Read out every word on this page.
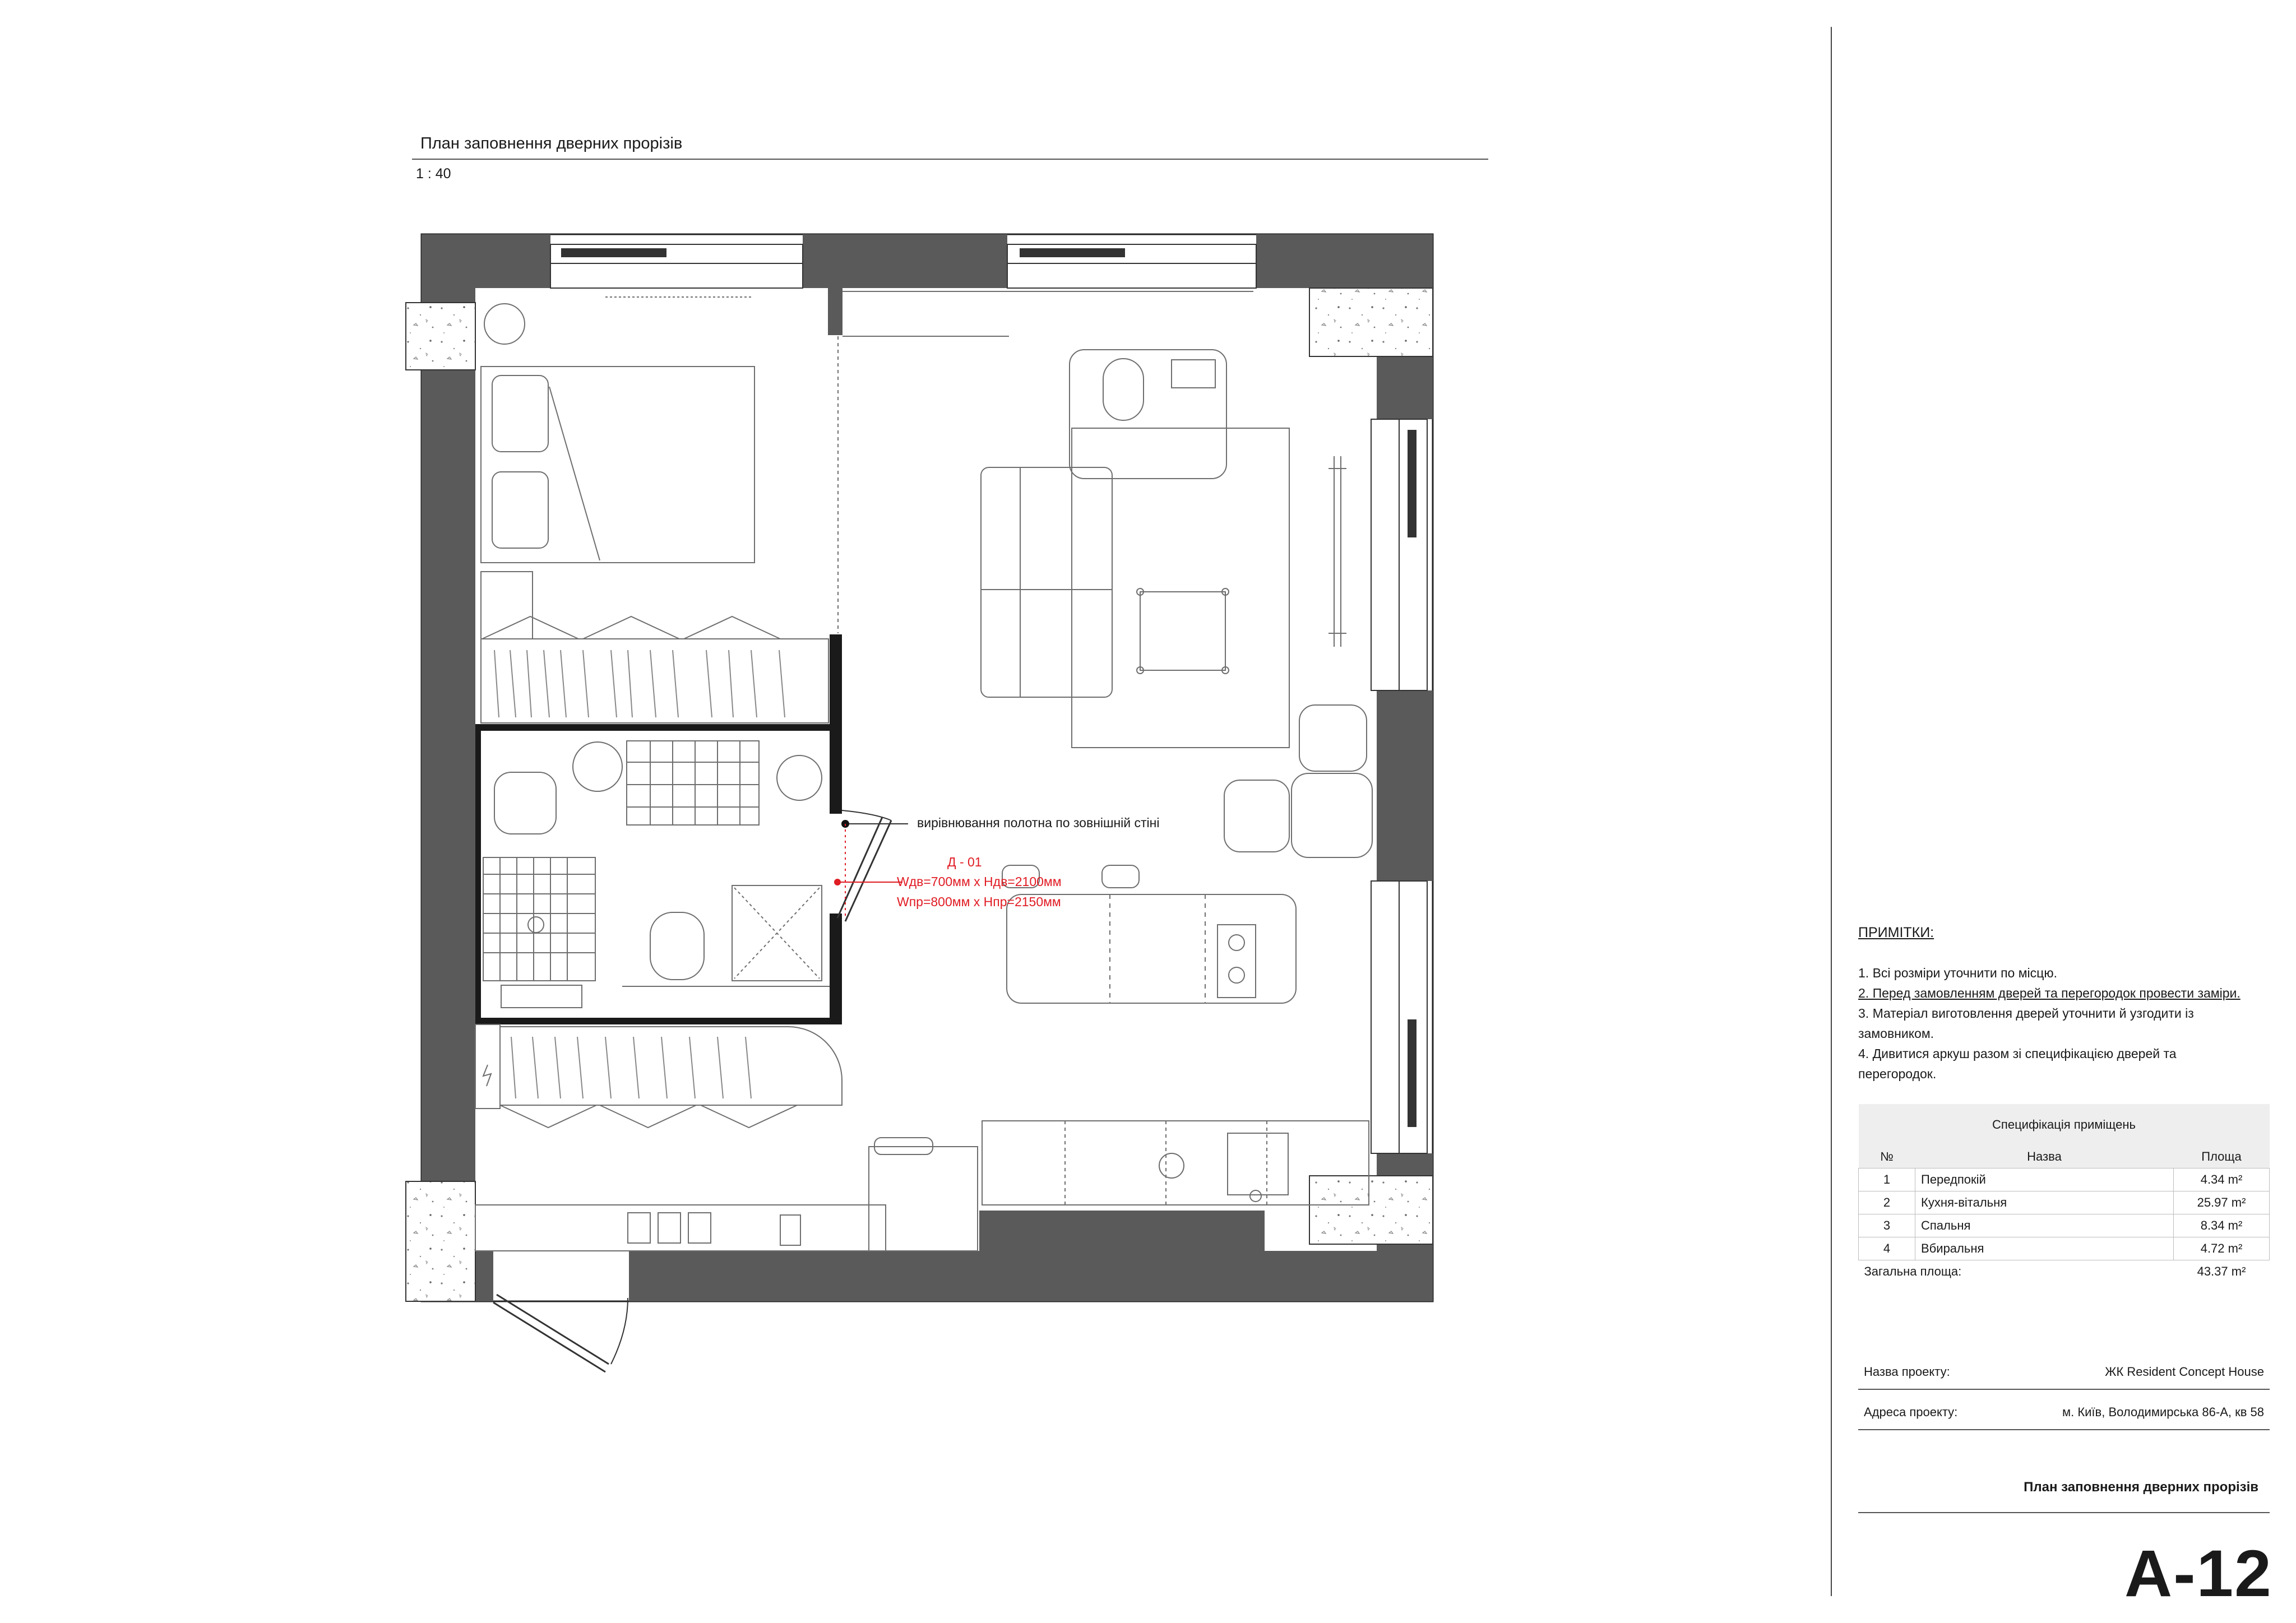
План заповнення дверних прорізів
1 : 40
вирівнювання полотна по зовнішній стіні
Д - 01
Wдв=700мм х Hдв=2100мм
Wпр=800мм х Hпр=2150мм
ПРИМІТКИ:
1. Всі розміри уточнити по місцю.
2. Перед замовленням дверей та перегородок провести заміри.
3. Матеріал виготовлення дверей уточнити й узгодити із
замовником.
4. Дивитися аркуш разом зі специфікацією дверей та
перегородок.
Специфікація приміщень		
№	Назва	Площа
1	Передпокій	4.34 m²
2	Кухня-вітальня	25.97 m²
3	Спальня	8.34 m²
4	Вбиральня	4.72 m²
Загальна площа:		43.37 m²
Назва проекту:	ЖК Resident Concept House
Адреса проекту:	м. Київ, Володимирська 86-А, кв 58
План заповнення дверних прорізів
А-12
